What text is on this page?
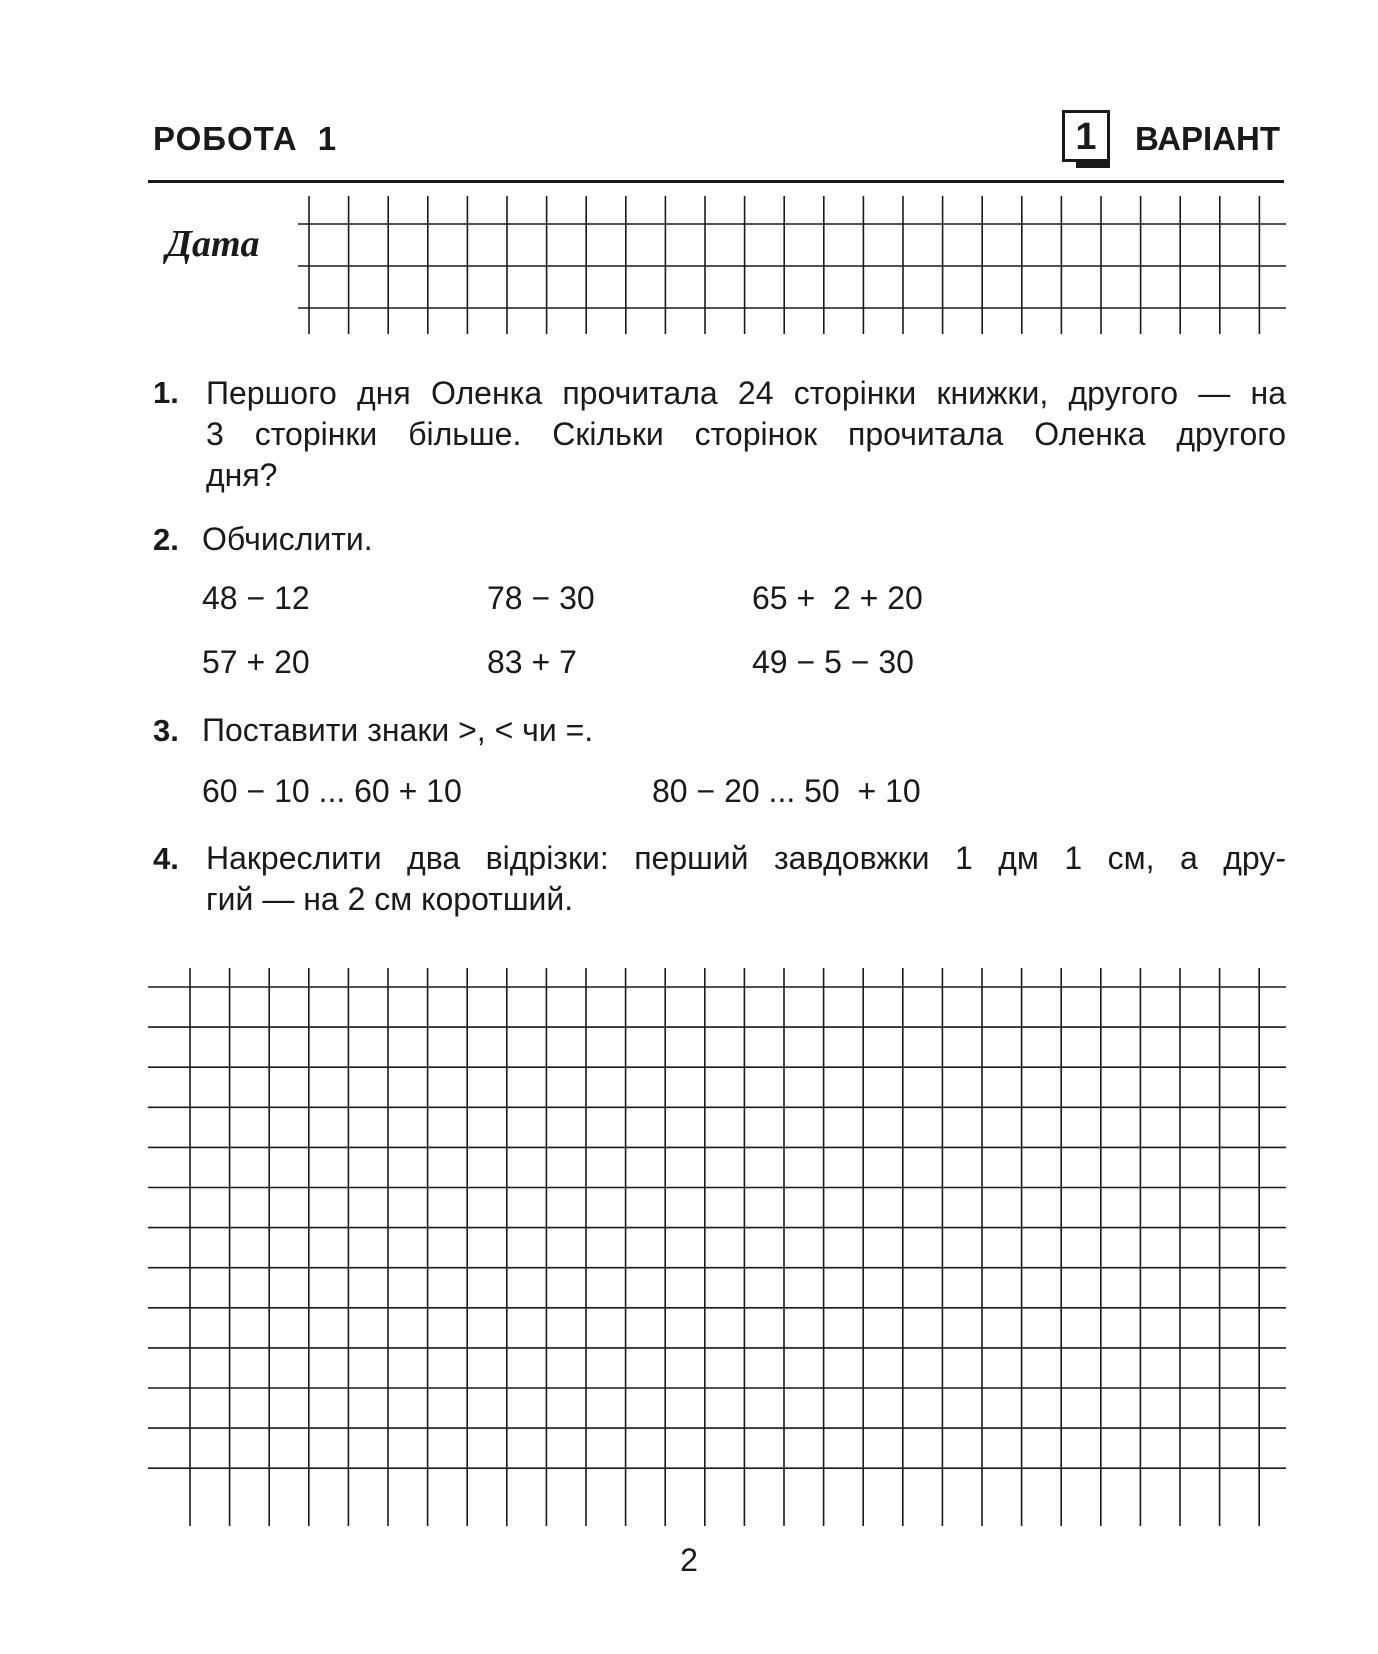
РОБОТА 1	1	ВАРІАНТ
Дата
1. Першого дня Оленка прочитала 24 сторінки книжки, другого — на
3 сторінки більше. Скільки сторінок прочитала Оленка другого
дня?
2. Обчислити.
48 − 12	78 − 30	65 +  2 + 20
57 + 20	83 + 7	49 − 5 − 30
3. Поставити знаки >, < чи =.
60 − 10 ... 60 + 10	80 − 20 ... 50  + 10
4. Накреслити два відрізки: перший завдовжки 1 дм 1 см, а дру-
гий — на 2 см коротший.
2
